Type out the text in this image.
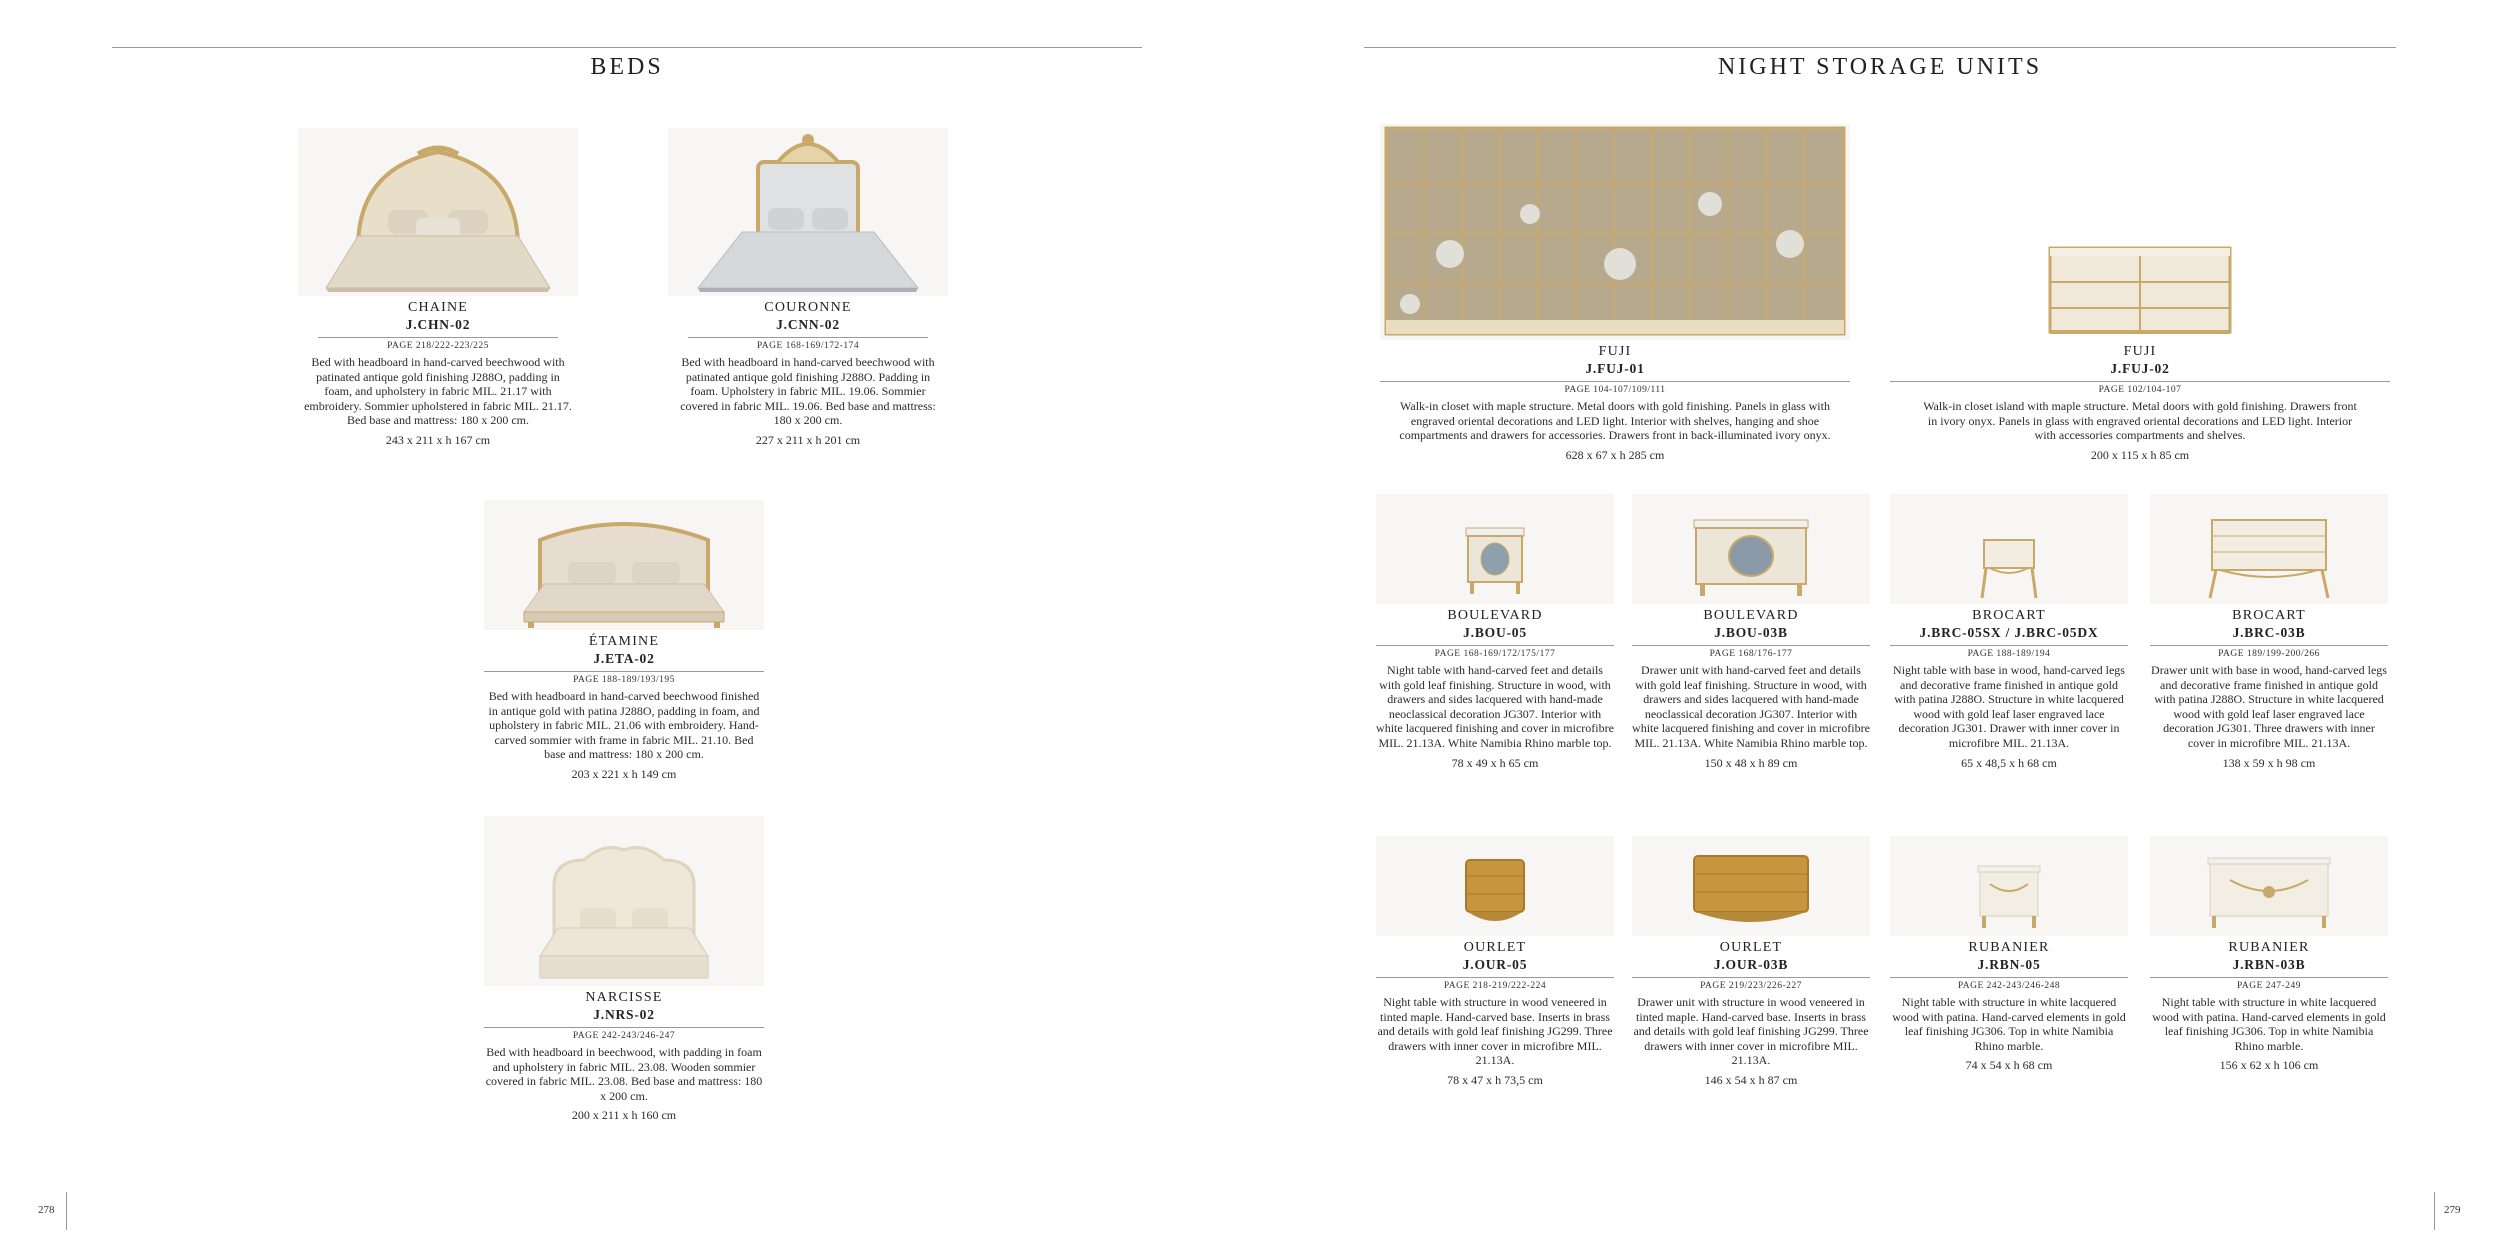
BEDS
CHAINE
J.CHN-02
PAGE 218/222-223/225
Bed with headboard in hand-carved beechwood with patinated antique gold finishing J288O, padding in foam, and upholstery in fabric MIL. 21.17 with embroidery. Sommier upholstered in fabric MIL. 21.17. Bed base and mattress: 180 x 200 cm.
243 x 211 x h 167 cm
COURONNE
J.CNN-02
PAGE 168-169/172-174
Bed with headboard in hand-carved beechwood with patinated antique gold finishing J288O. Padding in foam. Upholstery in fabric MIL. 19.06. Sommier covered in fabric MIL. 19.06. Bed base and mattress: 180 x 200 cm.
227 x 211 x h 201 cm
ÉTAMINE
J.ETA-02
PAGE 188-189/193/195
Bed with headboard in hand-carved beechwood finished in antique gold with patina J288O, padding in foam, and upholstery in fabric MIL. 21.06 with embroidery. Hand-carved sommier with frame in fabric MIL. 21.10. Bed base and mattress: 180 x 200 cm.
203 x 221 x h 149 cm
NARCISSE
J.NRS-02
PAGE 242-243/246-247
Bed with headboard in beechwood, with padding in foam and upholstery in fabric MIL. 23.08. Wooden sommier covered in fabric MIL. 23.08. Bed base and mattress: 180 x 200 cm.
200 x 211 x h 160 cm
278
NIGHT STORAGE UNITS
FUJI
J.FUJ-01
PAGE 104-107/109/111
Walk-in closet with maple structure. Metal doors with gold finishing. Panels in glass with engraved oriental decorations and LED light. Interior with shelves, hanging and shoe compartments and drawers for accessories. Drawers front in back-illuminated ivory onyx.
628 x 67 x h 285 cm
FUJI
J.FUJ-02
PAGE 102/104-107
Walk-in closet island with maple structure. Metal doors with gold finishing. Drawers front in ivory onyx. Panels in glass with engraved oriental decorations and LED light. Interior with accessories compartments and shelves.
200 x 115 x h 85 cm
BOULEVARD
J.BOU-05
PAGE 168-169/172/175/177
Night table with hand-carved feet and details with gold leaf finishing. Structure in wood, with drawers and sides lacquered with hand-made neoclassical decoration JG307. Interior with white lacquered finishing and cover in microfibre MIL. 21.13A. White Namibia Rhino marble top.
78 x 49 x h 65 cm
BOULEVARD
J.BOU-03B
PAGE 168/176-177
Drawer unit with hand-carved feet and details with gold leaf finishing. Structure in wood, with drawers and sides lacquered with hand-made neoclassical decoration JG307. Interior with white lacquered finishing and cover in microfibre MIL. 21.13A. White Namibia Rhino marble top.
150 x 48 x h 89 cm
BROCART
J.BRC-05SX / J.BRC-05DX
PAGE 188-189/194
Night table with base in wood, hand-carved legs and decorative frame finished in antique gold with patina J288O. Structure in white lacquered wood with gold leaf laser engraved lace decoration JG301. Drawer with inner cover in microfibre MIL. 21.13A.
65 x 48,5 x h 68 cm
BROCART
J.BRC-03B
PAGE 189/199-200/266
Drawer unit with base in wood, hand-carved legs and decorative frame finished in antique gold with patina J288O. Structure in white lacquered wood with gold leaf laser engraved lace decoration JG301. Three drawers with inner cover in microfibre MIL. 21.13A.
138 x 59 x h 98 cm
OURLET
J.OUR-05
PAGE 218-219/222-224
Night table with structure in wood veneered in tinted maple. Hand-carved base. Inserts in brass and details with gold leaf finishing JG299. Three drawers with inner cover in microfibre MIL. 21.13A.
78 x 47 x h 73,5 cm
OURLET
J.OUR-03B
PAGE 219/223/226-227
Drawer unit with structure in wood veneered in tinted maple. Hand-carved base. Inserts in brass and details with gold leaf finishing JG299. Three drawers with inner cover in microfibre MIL. 21.13A.
146 x 54 x h 87 cm
RUBANIER
J.RBN-05
PAGE 242-243/246-248
Night table with structure in white lacquered wood with patina. Hand-carved elements in gold leaf finishing JG306. Top in white Namibia Rhino marble.
74 x 54 x h 68 cm
RUBANIER
J.RBN-03B
PAGE 247-249
Night table with structure in white lacquered wood with patina. Hand-carved elements in gold leaf finishing JG306. Top in white Namibia Rhino marble.
156 x 62 x h 106 cm
279
